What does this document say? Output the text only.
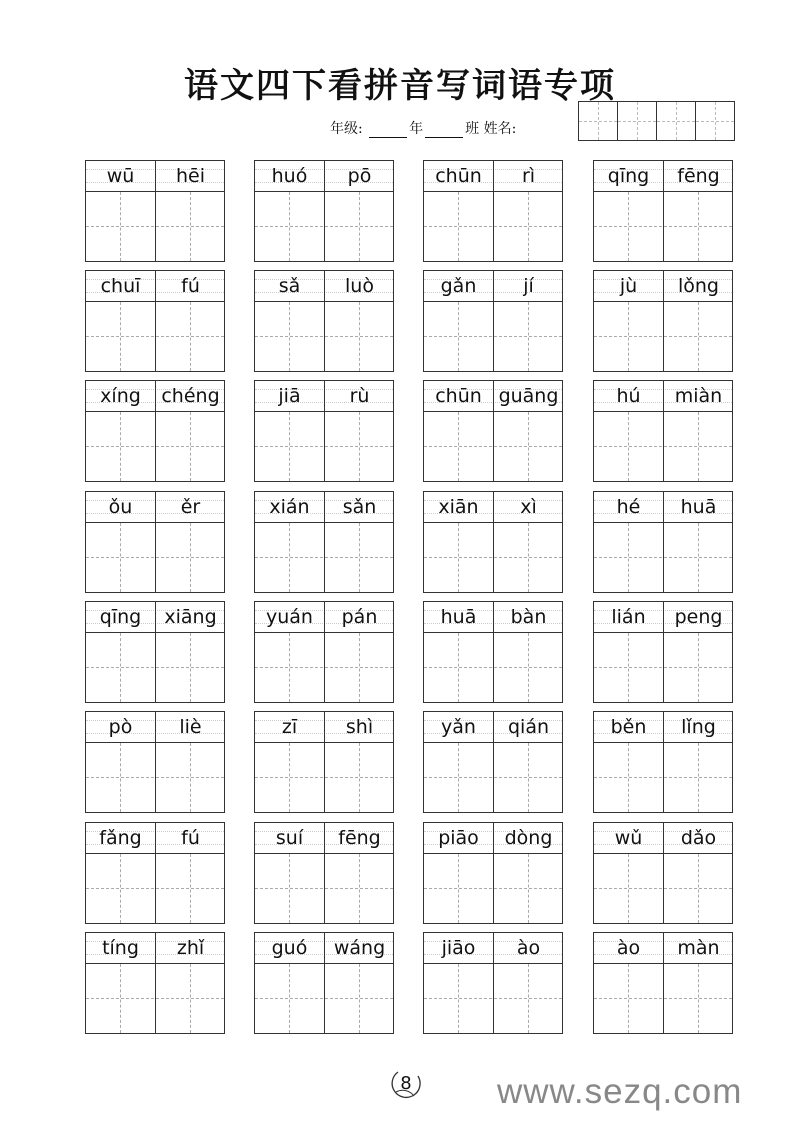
语文四下看拼音写词语专项
年级:	年	班 姓名:
wū	hēi	huó	pō	chūn	rì	qīng	fēng
chuī	fú	sǎ	luò	gǎn	jí	jù	lǒng
xíng	chéng	jiā	rù	chūn guāng	hú	miàn
ǒu	ěr	xián	sǎn	xiān	xì	hé	huā
qīng	xiāng	yuán	pán	huā	bàn	lián	peng
pò	liè	zī	shì	yǎn	qián	běn	lǐng
fǎng	fú	suí	fēng	piāo	dòng	wǔ	dǎo
tíng	zhǐ	guó	wáng	jiāo	ào	ào	màn
8	www.sezq.com
